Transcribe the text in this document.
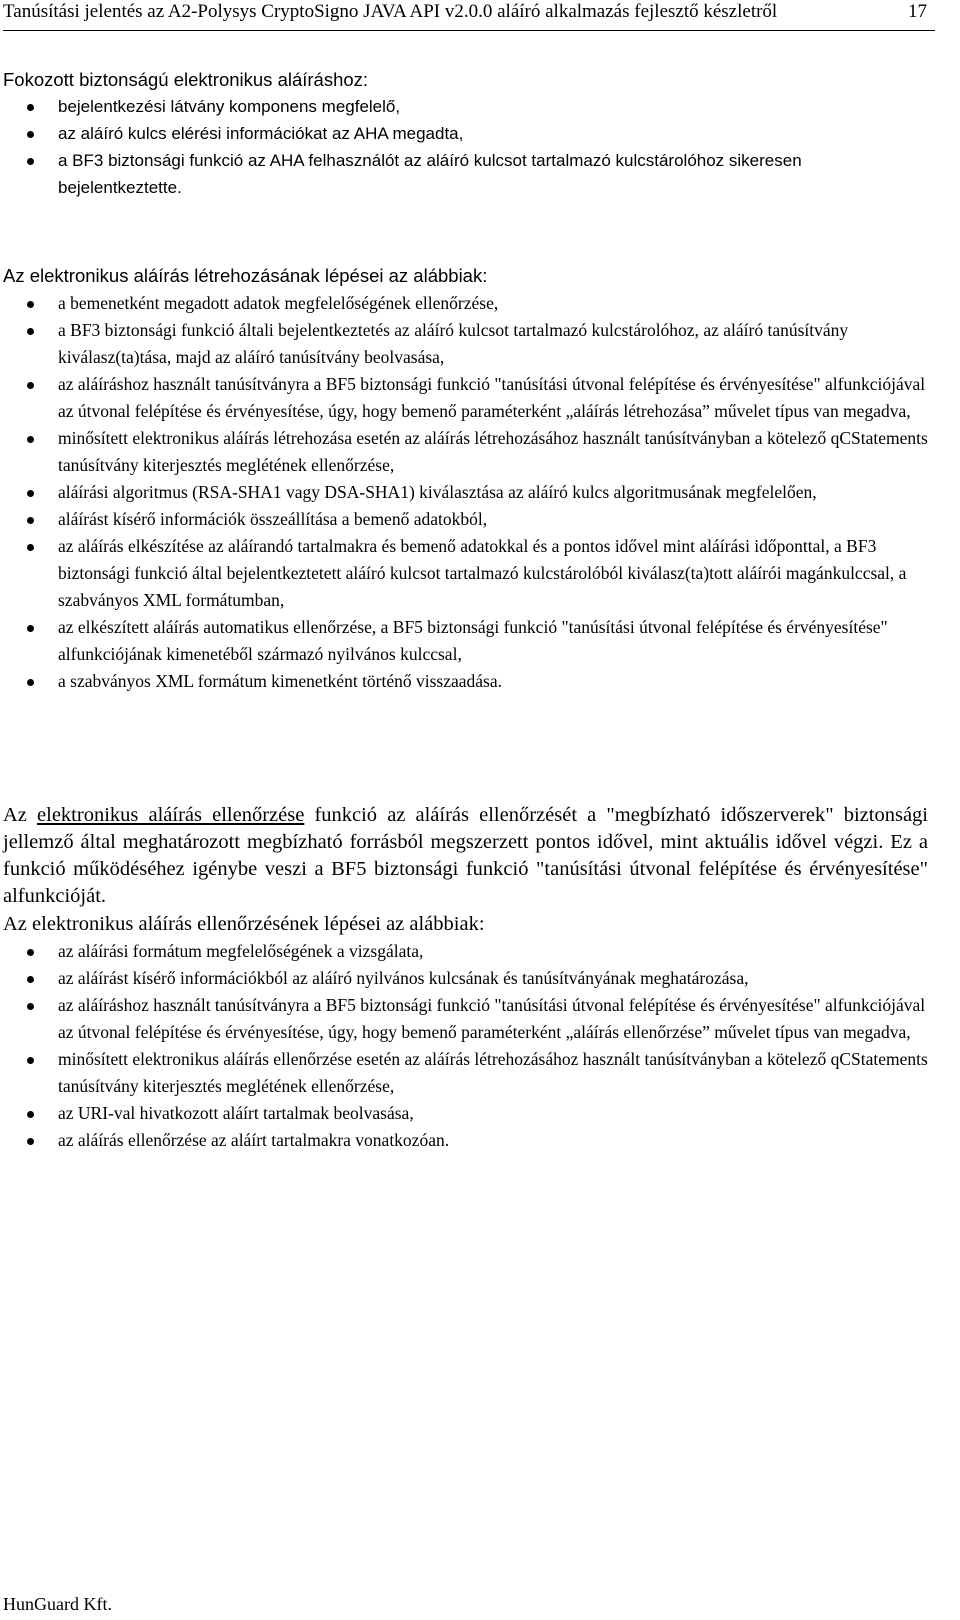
Tanúsítási jelentés az A2-Polysys CryptoSigno JAVA API v2.0.0 aláíró alkalmazás fejlesztő készletről	17

Fokozott biztonságú elektronikus aláíráshoz:

bejelentkezési látvány komponens megfelelő,
az aláíró kulcs elérési információkat az AHA megadta,
a BF3 biztonsági funkció az AHA felhasználót az aláíró kulcsot tartalmazó kulcstárolóhoz sikeresen bejelentkeztette.

Az elektronikus aláírás létrehozásának lépései az alábbiak:

a bemenetként megadott adatok megfelelőségének ellenőrzése,
a BF3 biztonsági funkció általi bejelentkeztetés az aláíró kulcsot tartalmazó kulcstárolóhoz, az aláíró tanúsítvány kiválasz(ta)tása, majd az aláíró tanúsítvány beolvasása,
az aláíráshoz használt tanúsítványra a BF5 biztonsági funkció "tanúsítási útvonal felépítése és érvényesítése" alfunkciójával az útvonal felépítése és érvényesítése, úgy, hogy bemenő paraméterként „aláírás létrehozása” művelet típus van megadva,
minősített elektronikus aláírás létrehozása esetén az aláírás létrehozásához használt tanúsítványban a kötelező qCStatements tanúsítvány kiterjesztés meglétének ellenőrzése,
aláírási algoritmus (RSA-SHA1 vagy DSA-SHA1) kiválasztása az aláíró kulcs algoritmusának megfelelően,
aláírást kísérő információk összeállítása a bemenő adatokból,
az aláírás elkészítése az aláírandó tartalmakra és bemenő adatokkal és a pontos idővel mint aláírási időponttal, a BF3 biztonsági funkció által bejelentkeztetett aláíró kulcsot tartalmazó kulcstárolóból kiválasz(ta)tott aláírói magánkulccsal, a szabványos XML formátumban,
az elkészített aláírás automatikus ellenőrzése, a BF5 biztonsági funkció "tanúsítási útvonal felépítése és érvényesítése" alfunkciójának kimenetéből származó nyilvános kulccsal,
a szabványos XML formátum kimenetként történő visszaadása.

Az elektronikus aláírás ellenőrzése funkció az aláírás ellenőrzését a "megbízható időszerverek" biztonsági jellemző által meghatározott megbízható forrásból megszerzett pontos idővel, mint aktuális idővel végzi. Ez a funkció működéséhez igénybe veszi a BF5 biztonsági funkció "tanúsítási útvonal felépítése és érvényesítése" alfunkcióját.

Az elektronikus aláírás ellenőrzésének lépései az alábbiak:

az aláírási formátum megfelelőségének a vizsgálata,
az aláírást kísérő információkból az aláíró nyilvános kulcsának és tanúsítványának meghatározása,
az aláíráshoz használt tanúsítványra a BF5 biztonsági funkció "tanúsítási útvonal felépítése és érvényesítése" alfunkciójával az útvonal felépítése és érvényesítése, úgy, hogy bemenő paraméterként „aláírás ellenőrzése” művelet típus van megadva,
minősített elektronikus aláírás ellenőrzése esetén az aláírás létrehozásához használt tanúsítványban a kötelező qCStatements tanúsítvány kiterjesztés meglétének ellenőrzése,
az URI-val hivatkozott aláírt tartalmak beolvasása,
az aláírás ellenőrzése az aláírt tartalmakra vonatkozóan.
HunGuard Kft.
